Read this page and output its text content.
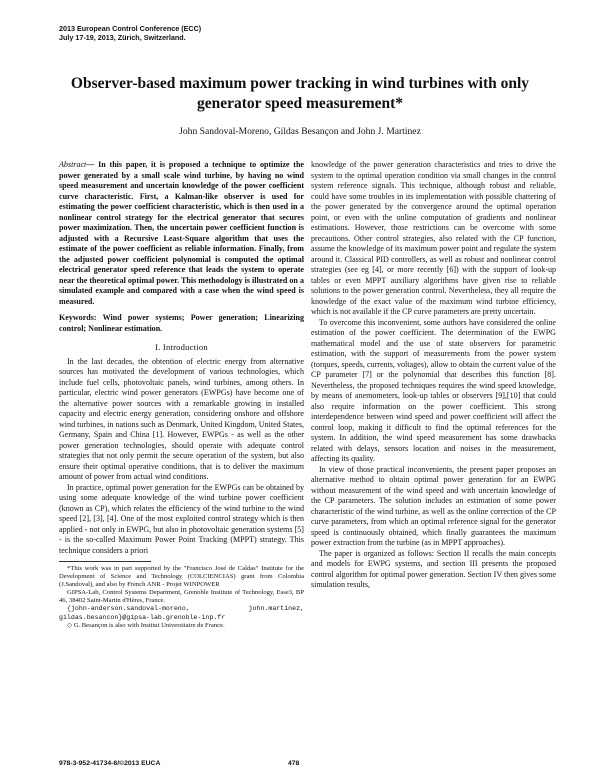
2013 European Control Conference (ECC)
July 17-19, 2013, Zürich, Switzerland.
Observer-based maximum power tracking in wind turbines with only generator speed measurement*
John Sandoval-Moreno, Gildas Besançon and John J. Martinez

Abstract— In this paper, it is proposed a technique to optimize the power generated by a small scale wind turbine, by having no wind speed measurement and uncertain knowledge of the power coefficient curve characteristic. First, a Kalman-like observer is used for estimating the power coefficient characteristic, which is then used in a nonlinear control strategy for the electrical generator that secures power maximization. Then, the uncertain power coefficient function is adjusted with a Recursive Least-Square algorithm that uses the estimate of the power coefficient as reliable information. Finally, from the adjusted power coefficient polynomial is computed the optimal electrical generator speed reference that leads the system to operate near the theoretical optimal power. This methodology is illustrated on a simulated example and compared with a case when the wind speed is measured.

Keywords: Wind power systems; Power generation; Linearizing control; Nonlinear estimation.

I. Introduction

In the last decades, the obtention of electric energy from alternative sources has motivated the development of various technologies, which include fuel cells, photovoltaic panels, wind turbines, among others. In particular, electric wind power generators (EWPGs) have become one of the alternative power sources with a remarkable growing in installed capacity and electric energy generation, considering onshore and offshore wind turbines, in nations such as Denmark, United Kingdom, United States, Germany, Spain and China [1]. However, EWPGs - as well as the other power generation technologies, should operate with adequate control strategies that not only permit the secure operation of the system, but also ensure their optimal operative conditions, that is to deliver the maximum amount of power from actual wind conditions.

In practice, optimal power generation for the EWPGs can be obtained by using some adequate knowledge of the wind turbine power coefficient (known as CP), which relates the efficiency of the wind turbine to the wind speed [2], [3], [4]. One of the most exploited control strategy which is then applied - not only in EWPG, but also in photovoltaic generation systems [5] - is the so-called Maximum Power Point Tracking (MPPT) strategy. This technique considers a priori

*This work was in part supported by the "Francisco José de Caldas" Institute for the Development of Science and Technology (COLCIENCIAS) grant from Colombia (J.Sandoval), and also by French ANR - Projet WINPOWER

GIPSA-Lab, Control Systems Department, Grenoble Institute of Technology, Esse3, BP 46, 38402 Saint-Martin d'Hères, France.

{john-anderson.sandoval-moreno, john.martinez, gildas.besancon}@gipsa-lab.grenoble-inp.fr

◇ G. Besançon is also with Institut Universitaire de France.

knowledge of the power generation characteristics and tries to drive the system to the optimal operation condition via small changes in the control system reference signals. This technique, although robust and reliable, could have some troubles in its implementation with possible chattering of the power generated by the convergence around the optimal operation point, or even with the online computation of gradients and nonlinear estimations. However, those restrictions can be overcome with some precautions. Other control strategies, also related with the CP function, assume the knowledge of its maximum power point and regulate the system around it. Classical PID controllers, as well as robust and nonlinear control strategies (see eg [4], or more recently [6]) with the support of look-up tables or even MPPT auxiliary algorithms have given rise to reliable solutions to the power generation control. Nevertheless, they all require the knowledge of the exact value of the maximum wind turbine efficiency, which is not available if the CP curve parameters are pretty uncertain.

To overcome this inconvenient, some authors have considered the online estimation of the power coefficient. The determination of the EWPG mathematical model and the use of state observers for parametric estimation, with the support of measurements from the power system (torques, speeds, currents, voltages), allow to obtain the current value of the CP parameter [7] or the polynomial that describes this function [8]. Nevertheless, the proposed techniques requires the wind speed knowledge, by means of anemometers, look-up tables or observers [9],[10] that could also require information on the power coefficient. This strong interdependence between wind speed and power coefficient will affect the control loop, making it difficult to find the optimal references for the system. In addition, the wind speed measurement has some drawbacks related with delays, sensors location and noises in the measurement, affecting its quality.

In view of those practical inconvenients, the present paper proposes an alternative method to obtain optimal power generation for an EWPG without measurement of the wind speed and with uncertain knowledge of the CP parameters. The solution includes an estimation of some power characteristic of the wind turbine, as well as the online correction of the CP curve parameters, from which an optimal reference signal for the generator speed is continuously obtained, which finally guarantees the maximum power extraction from the turbine (as in MPPT approaches).

The paper is organized as follows: Section II recalls the main concepts and models for EWPG systems, and section III presents the proposed control algorithm for optimal power generation. Section IV then gives some simulation results,

978-3-952-41734-8/©2013 EUCA	478
